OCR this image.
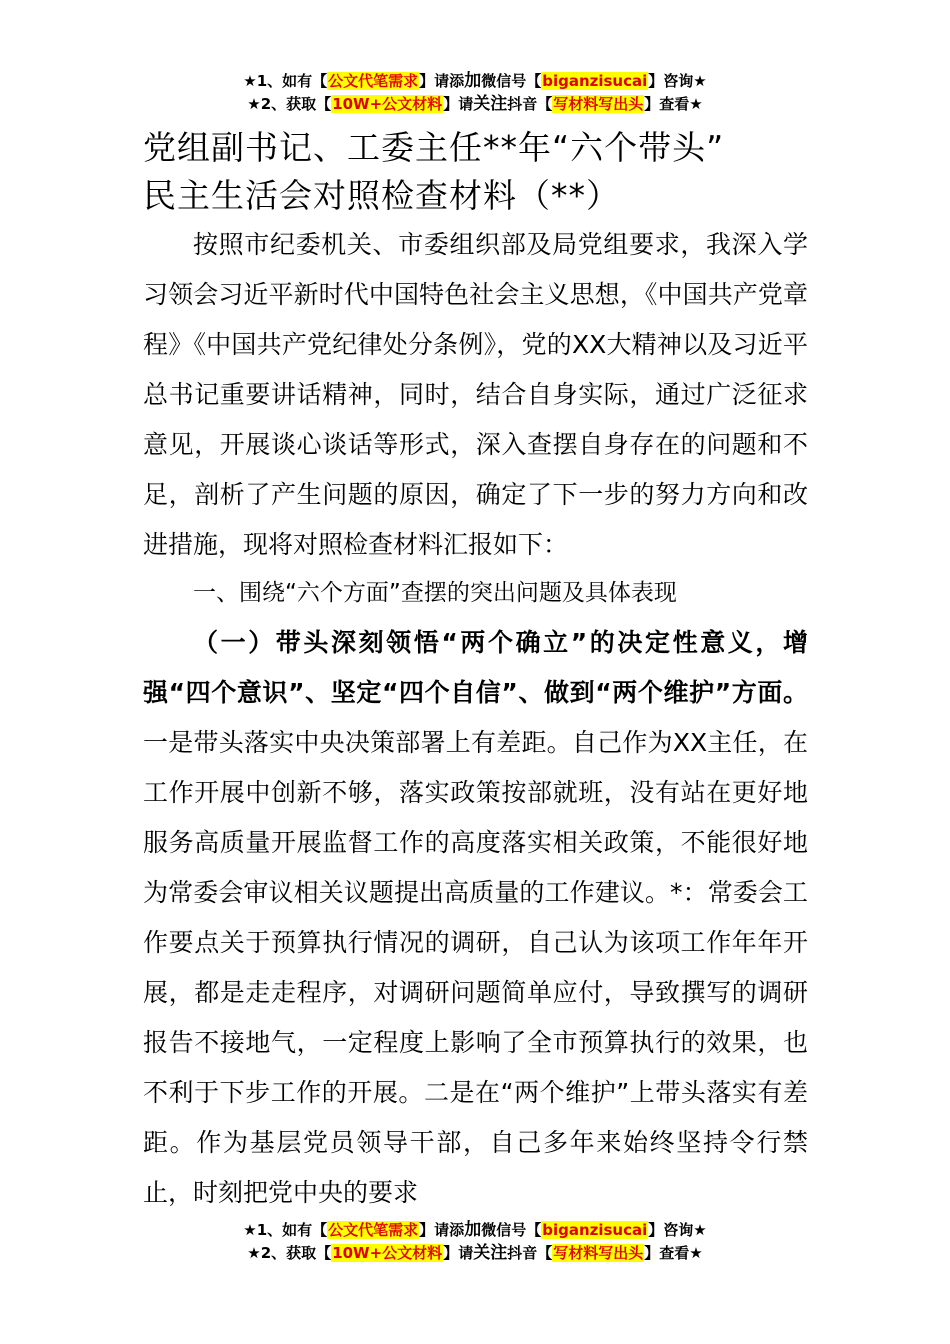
★1、如有【公文代笔需求】请添加微信号【biganzisucai】咨询★
★2、获取【10W+公文材料】请关注抖音【写材料写出头】查看★
党组副书记、工委主任**年“六个带头”
民主生活会对照检查材料（**）

按照市纪委机关、市委组织部及局党组要求，我深入学习领会习近平新时代中国特色社会主义思想，《中国共产党章程》《中国共产党纪律处分条例》，党的XX大精神以及习近平总书记重要讲话精神，同时，结合自身实际，通过广泛征求意见，开展谈心谈话等形式，深入查摆自身存在的问题和不足，剖析了产生问题的原因，确定了下一步的努力方向和改进措施，现将对照检查材料汇报如下：

一、围绕“六个方面”查摆的突出问题及具体表现

（一）带头深刻领悟“两个确立”的决定性意义，增强“四个意识”、坚定“四个自信”、做到“两个维护”方面。一是带头落实中央决策部署上有差距。自己作为XX主任，在工作开展中创新不够，落实政策按部就班，没有站在更好地服务高质量开展监督工作的高度落实相关政策，不能很好地为常委会审议相关议题提出高质量的工作建议。*：常委会工作要点关于预算执行情况的调研，自己认为该项工作年年开展，都是走走程序，对调研问题简单应付，导致撰写的调研报告不接地气，一定程度上影响了全市预算执行的效果，也不利于下步工作的开展。二是在“两个维护”上带头落实有差距。作为基层党员领导干部，自己多年来始终坚持令行禁止，时刻把党中央的要求

★1、如有【公文代笔需求】请添加微信号【biganzisucai】咨询★
★2、获取【10W+公文材料】请关注抖音【写材料写出头】查看★
